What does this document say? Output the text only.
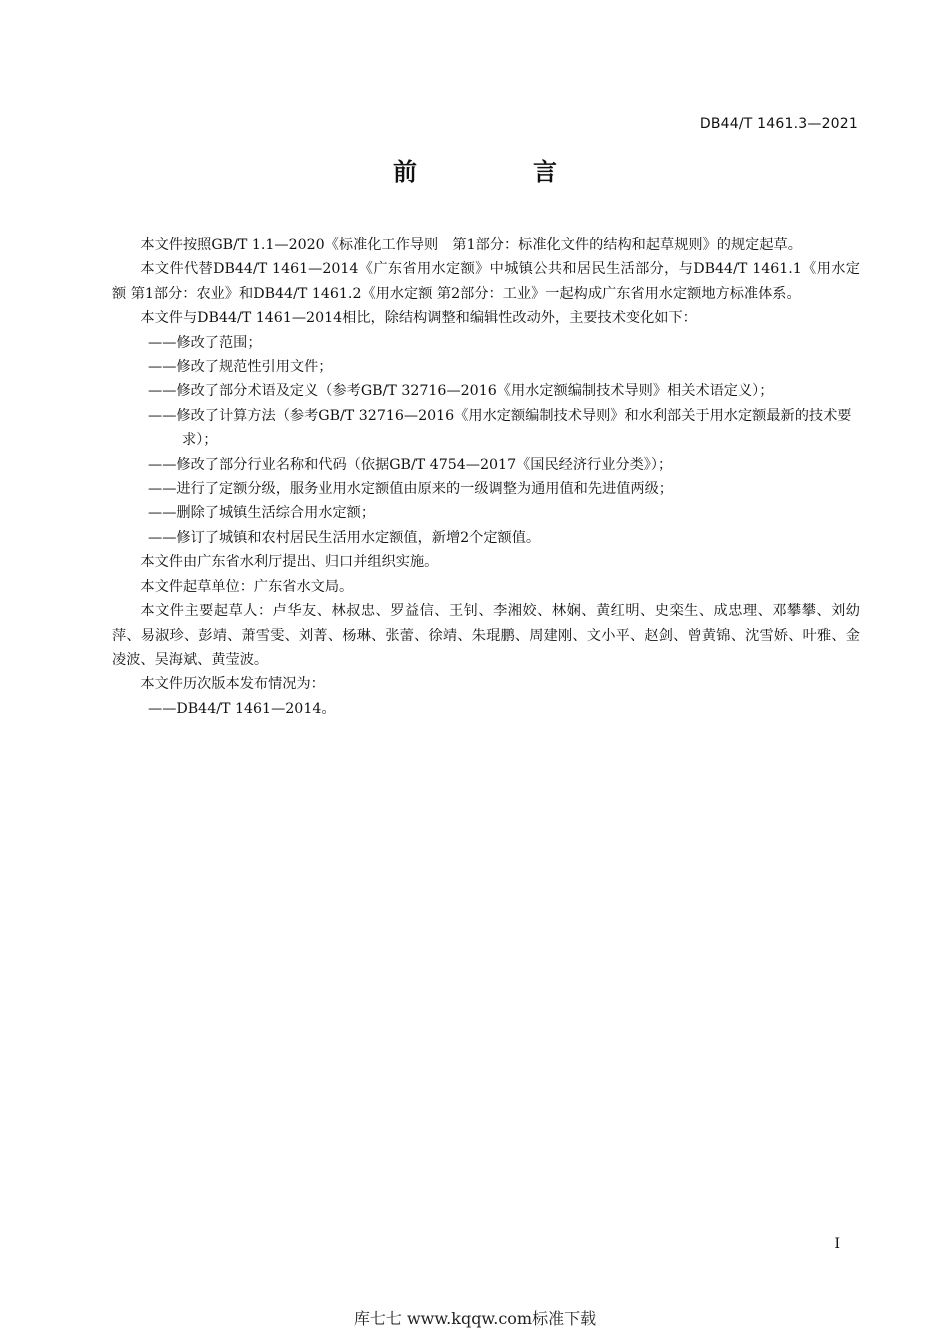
DB44/T 1461.3—2021
前　言

本文件按照GB/T 1.1—2020《标准化工作导则　第1部分：标准化文件的结构和起草规则》的规定起草。

本文件代替DB44/T 1461—2014《广东省用水定额》中城镇公共和居民生活部分，与DB44/T 1461.1《用水定额 第1部分：农业》和DB44/T 1461.2《用水定额 第2部分：工业》一起构成广东省用水定额地方标准体系。

本文件与DB44/T 1461—2014相比，除结构调整和编辑性改动外，主要技术变化如下：

——修改了范围；

——修改了规范性引用文件；

——修改了部分术语及定义（参考GB/T 32716—2016《用水定额编制技术导则》相关术语定义）；

——修改了计算方法（参考GB/T 32716—2016《用水定额编制技术导则》和水利部关于用水定额最新的技术要求）；

——修改了部分行业名称和代码（依据GB/T 4754—2017《国民经济行业分类》）；

——进行了定额分级，服务业用水定额值由原来的一级调整为通用值和先进值两级；

——删除了城镇生活综合用水定额；

——修订了城镇和农村居民生活用水定额值，新增2个定额值。

本文件由广东省水利厅提出、归口并组织实施。

本文件起草单位：广东省水文局。

本文件主要起草人：卢华友、林叔忠、罗益信、王钊、李湘姣、林娴、黄红明、史栾生、成忠理、邓攀攀、刘幼萍、易淑珍、彭靖、萧雪雯、刘菁、杨琳、张蕾、徐靖、朱琨鹏、周建刚、文小平、赵剑、曾黄锦、沈雪娇、叶雅、金凌波、吴海斌、黄莹波。

本文件历次版本发布情况为：

——DB44/T 1461—2014。

I
库七七 www.kqqw.com标准下载
